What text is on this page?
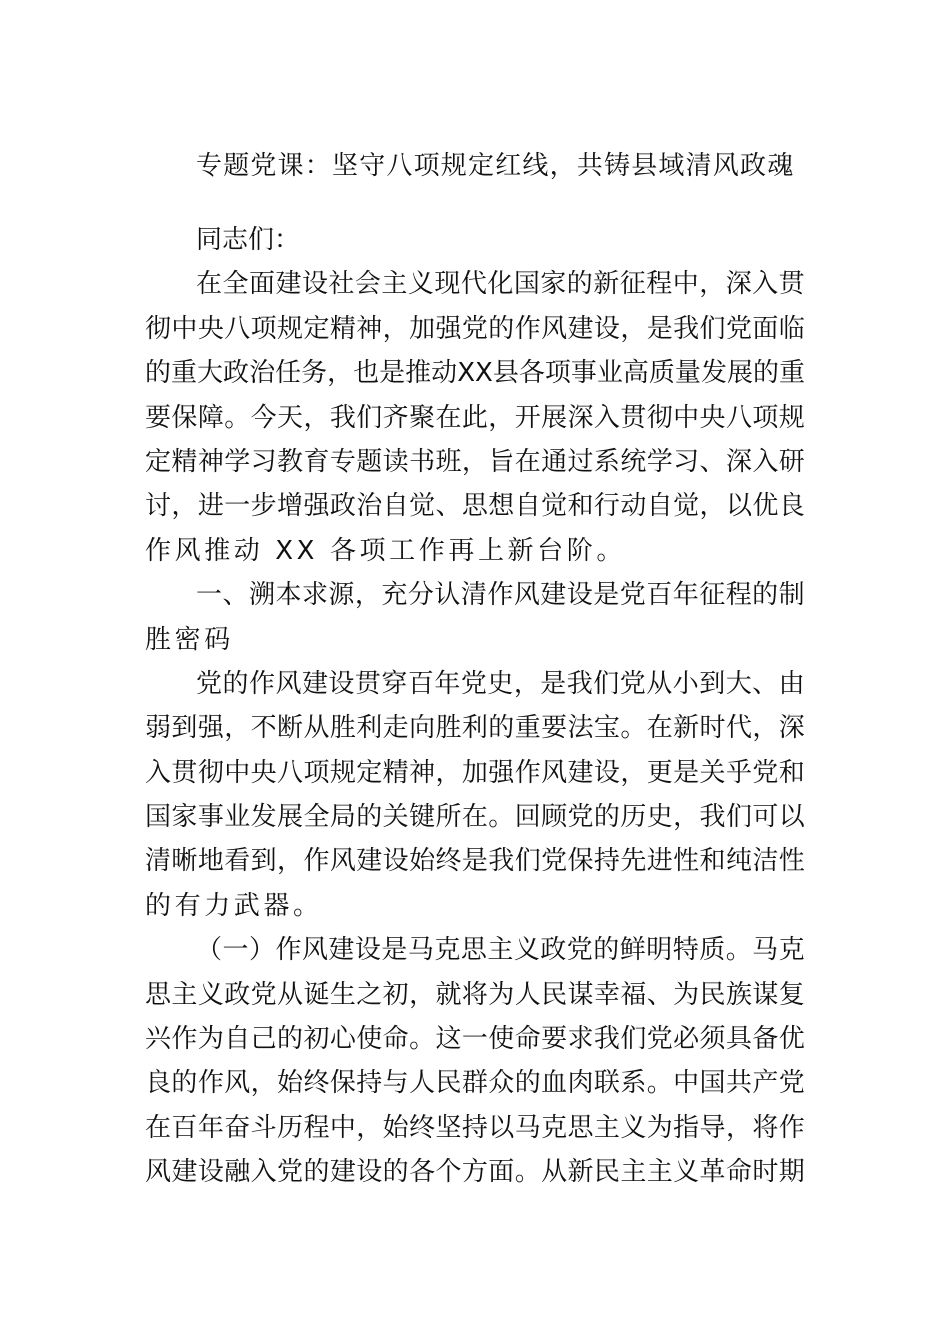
专题党课：坚守八项规定红线，共铸县域清风政魂
同志们：
在 全 面 建 设 社 会 主 义 现 代 化 国 家 的 新 征 程 中 ， 深 入 贯
彻 中 央 八 项 规 定 精 神 ， 加 强 党 的 作 风 建 设 ， 是 我 们 党 面 临
的 重 大 政 治 任 务 ， 也 是 推 动 XX 县 各 项 事 业 高 质 量 发 展 的 重
要 保 障 。 今 天 ， 我 们 齐 聚 在 此 ， 开 展 深 入 贯 彻 中 央 八 项 规
定 精 神 学 习 教 育 专 题 读 书 班 ， 旨 在 通 过 系 统 学 习 、 深 入 研
讨 ， 进 一 步 增 强 政 治 自 觉 、 思 想 自 觉 和 行 动 自 觉 ， 以 优 良
作风推动 XX 各项工作再上新台阶。
一 、 溯 本 求 源 ， 充 分 认 清 作 风 建 设 是 党 百 年 征 程 的 制
胜密码
党 的 作 风 建 设 贯 穿 百 年 党 史 ， 是 我 们 党 从 小 到 大 、 由
弱 到 强 ， 不 断 从 胜 利 走 向 胜 利 的 重 要 法 宝 。 在 新 时 代 ， 深
入 贯 彻 中 央 八 项 规 定 精 神 ， 加 强 作 风 建 设 ， 更 是 关 乎 党 和
国 家 事 业 发 展 全 局 的 关 键 所 在 。 回 顾 党 的 历 史 ， 我 们 可 以
清 晰 地 看 到 ， 作 风 建 设 始 终 是 我 们 党 保 持 先 进 性 和 纯 洁 性
的有力武器。
（ 一 ） 作 风 建 设 是 马 克 思 主 义 政 党 的 鲜 明 特 质 。 马 克
思 主 义 政 党 从 诞 生 之 初 ， 就 将 为 人 民 谋 幸 福 、 为 民 族 谋 复
兴 作 为 自 己 的 初 心 使 命 。 这 一 使 命 要 求 我 们 党 必 须 具 备 优
良 的 作 风 ， 始 终 保 持 与 人 民 群 众 的 血 肉 联 系 。 中 国 共 产 党
在 百 年 奋 斗 历 程 中 ， 始 终 坚 持 以 马 克 思 主 义 为 指 导 ， 将 作
风 建 设 融 入 党 的 建 设 的 各 个 方 面 。 从 新 民 主 主 义 革 命 时 期
